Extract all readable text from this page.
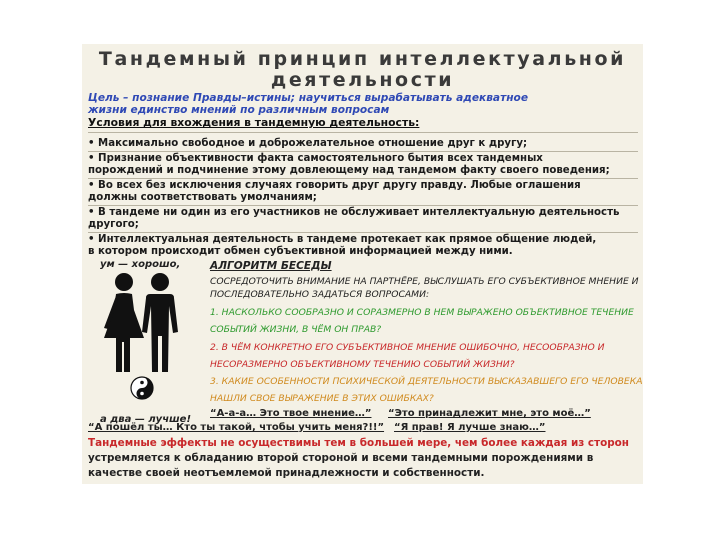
Тандемный принцип интеллектуальной
деятельности
Цель – познание Правды–истины; научиться вырабатывать адекватное
жизни единство мнений по различным вопросам
Условия для вхождения в тандемную деятельность:
• Максимально свободное и доброжелательное отношение друг к другу;
• Признание объективности факта самостоятельного бытия всех тандемных
порождений и подчинение этому довлеющему над тандемом факту своего поведения;
• Во всех без исключения случаях говорить друг другу правду. Любые оглашения
должны соответствовать умолчаниям;
• В тандеме ни один из его участников не обслуживает интеллектуальную деятельность
другого;
• Интеллектуальная деятельность в тандеме протекает как прямое общение людей,
в котором происходит обмен субъективной информацией между ними.
ум — хорошо,
а два — лучше!
АЛГОРИТМ БЕСЕДЫ
СОСРЕДОТОЧИТЬ ВНИМАНИЕ НА ПАРТНЁРЕ, ВЫСЛУШАТЬ ЕГО СУБЪЕКТИВНОЕ МНЕНИЕ И
ПОСЛЕДОВАТЕЛЬНО ЗАДАТЬСЯ ВОПРОСАМИ:
1. НАСКОЛЬКО СООБРАЗНО И СОРАЗМЕРНО В НЕМ ВЫРАЖЕНО ОБЪЕКТИВНОЕ ТЕЧЕНИЕ
СОБЫТИЙ ЖИЗНИ, В ЧЁМ ОН ПРАВ?
2. В ЧЁМ КОНКРЕТНО ЕГО СУБЪЕКТИВНОЕ МНЕНИЕ ОШИБОЧНО, НЕСООБРАЗНО И
НЕСОРАЗМЕРНО ОБЪЕКТИВНОМУ ТЕЧЕНИЮ СОБЫТИЙ ЖИЗНИ?
3. КАКИЕ ОСОБЕННОСТИ ПСИХИЧЕСКОЙ ДЕЯТЕЛЬНОСТИ ВЫСКАЗАВШЕГО ЕГО ЧЕЛОВЕКА
НАШЛИ СВОЕ ВЫРАЖЕНИЕ В ЭТИХ ОШИБКАХ?
“А-а-а… Это твое мнение…” “Это принадлежит мне, это моё…”
“А пошёл ты… Кто ты такой, чтобы учить меня?!!” “Я прав! Я лучше знаю…”
Тандемные эффекты не осуществимы тем в большей мере, чем более каждая из сторон
устремляется к обладанию второй стороной и всеми тандемными порождениями в
качестве своей неотъемлемой принадлежности и собственности.
